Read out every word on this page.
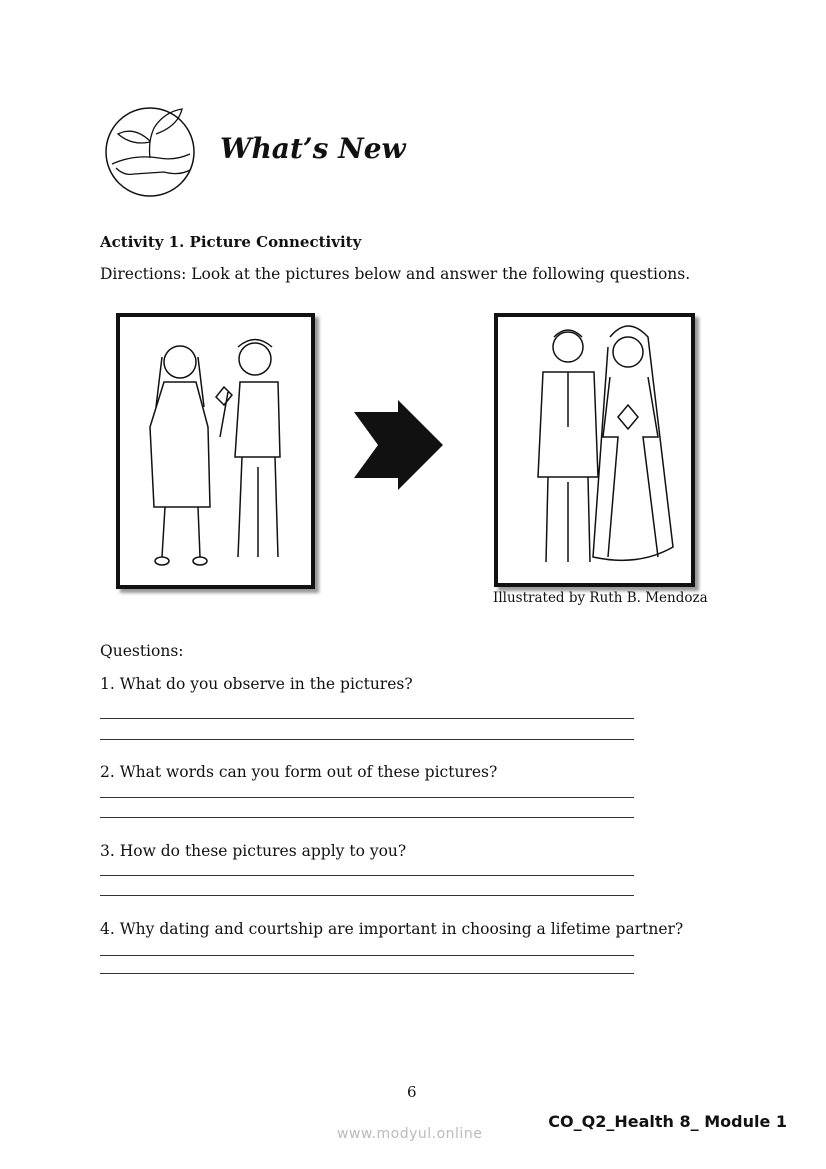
What’s New
Activity 1. Picture Connectivity
Directions: Look at the pictures below and answer the following questions.
Illustrated by Ruth B. Mendoza
Questions:
1. What do you observe in the pictures?
2. What words can you form out of these pictures?
3. How do these pictures apply to you?
4. Why dating and courtship are important in choosing a lifetime partner?
6
CO_Q2_Health 8_ Module 1
www.modyul.online
